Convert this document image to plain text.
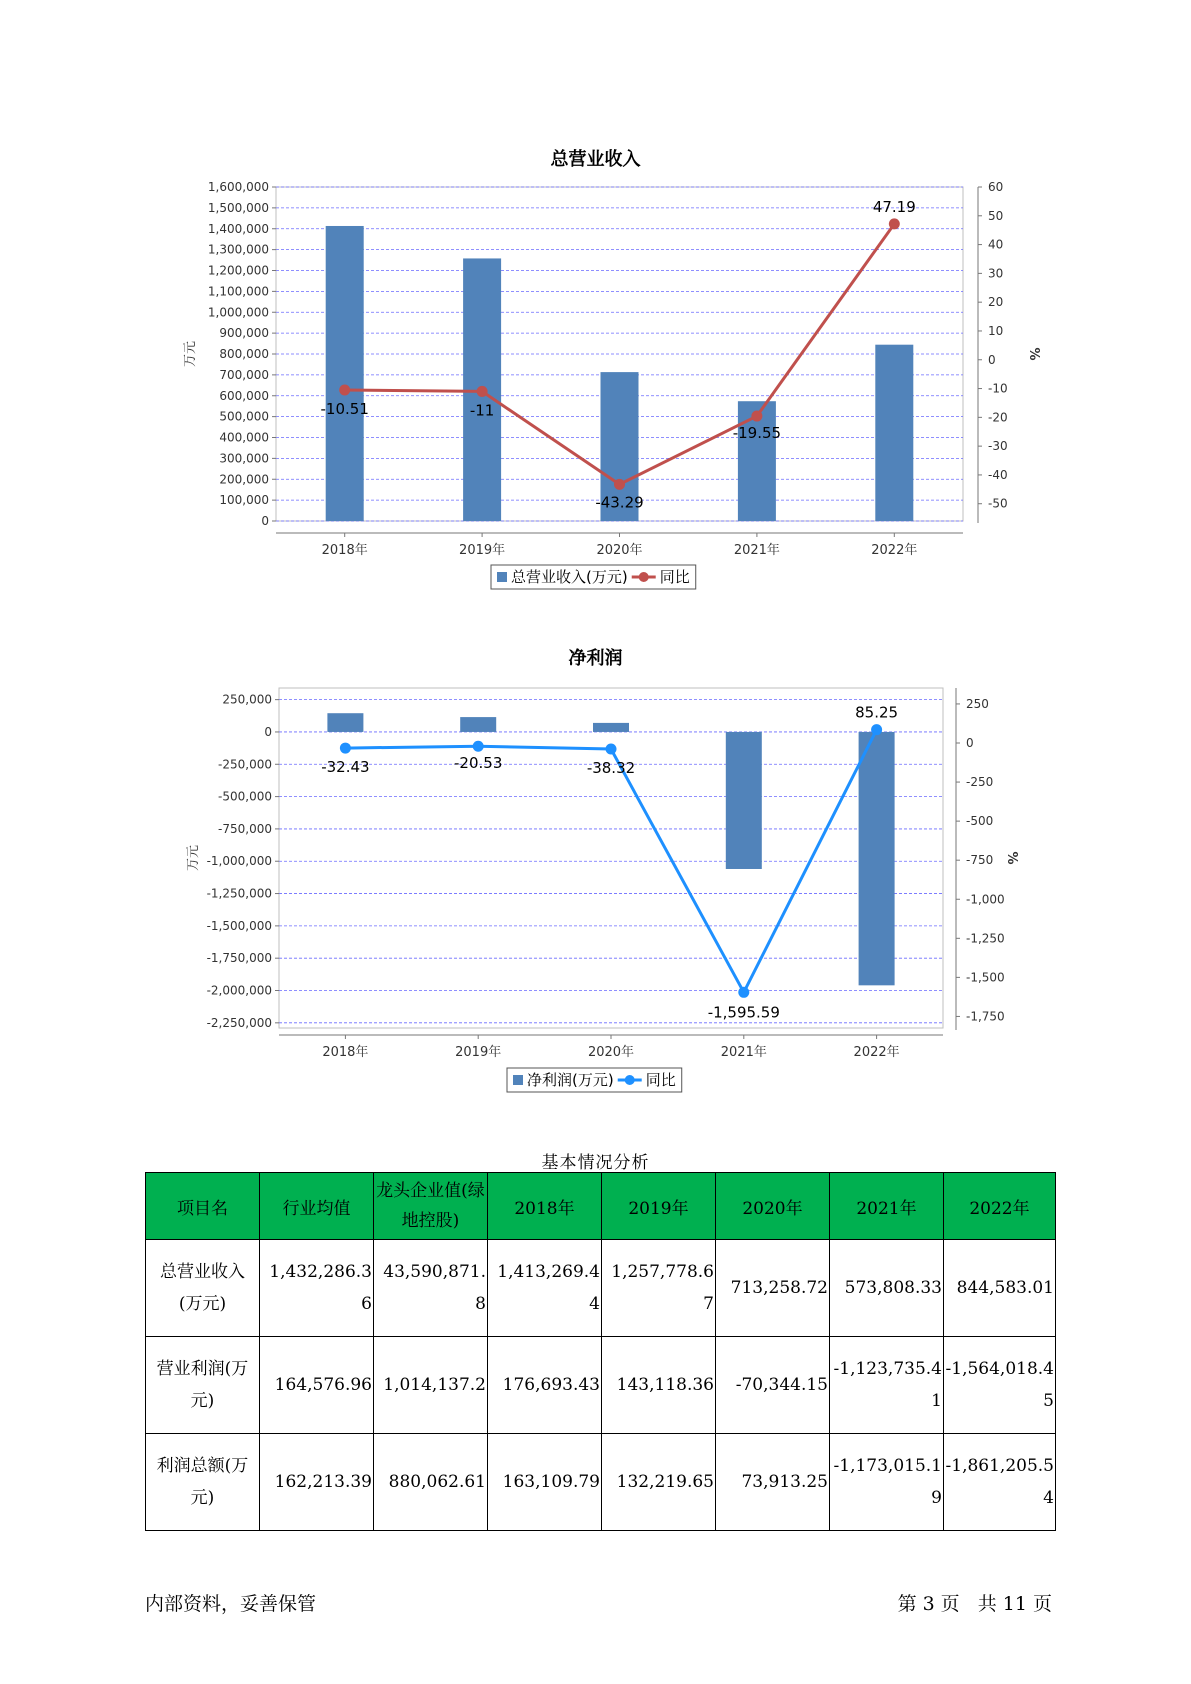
总营业收入
0
100,000
200,000
300,000
400,000
500,000
600,000
700,000
800,000
900,000
1,000,000
1,100,000
1,200,000
1,300,000
1,400,000
1,500,000
1,600,000
-50
-40
-30
-20
-10
0
10
20
30
40
50
60
万元	%
2018年	2019年	2020年	2021年	2022年
-10.51	-11
-43.29
-19.55
47.19
总营业收入(万元) 同比
净利润
-2,250,000
-2,000,000
-1,750,000
-1,500,000
-1,250,000
-1,000,000
-750,000
-500,000
-250,000
0
250,000
-1,750
-1,500
-1,250
-1,000
-750
-500
-250
0
250
万元	%
2018年	2019年	2020年	2021年	2022年
-32.43	-20.53	-38.32
-1,595.59
85.25
净利润(万元) 同比
基本情况分析
项目名	行业均值	龙头企业值(绿地控股)	2018年	2019年	2020年	2021年	2022年
总营业收入(万元)	1,432,286.36	43,590,871.8	1,413,269.44	1,257,778.67	713,258.72	573,808.33	844,583.01
营业利润(万元)	164,576.96	1,014,137.2	176,693.43	143,118.36	-70,344.15	-1,123,735.41	-1,564,018.45
利润总额(万元)	162,213.39	880,062.61	163,109.79	132,219.65	73,913.25	-1,173,015.19	-1,861,205.54
内部资料，妥善保管	第 3 页 共 11 页
